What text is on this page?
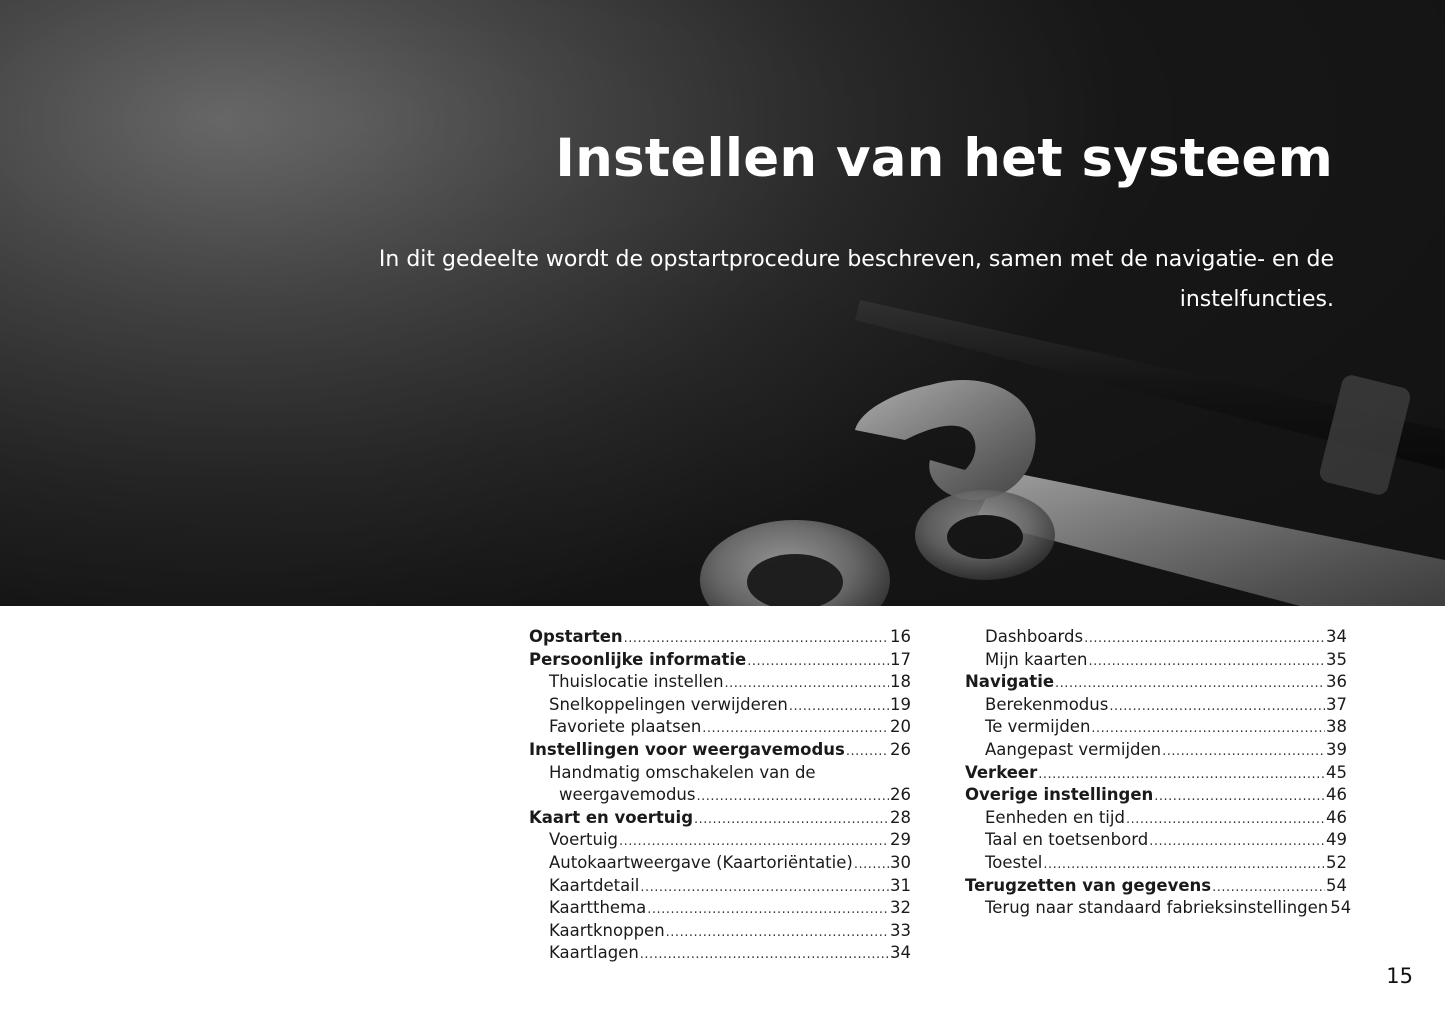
Instellen van het systeem

In dit gedeelte wordt de opstartprocedure beschreven, samen met de navigatie- en de instelfuncties.

Opstarten .....	16
Persoonlijke informatie .....	17
Thuislocatie instellen .....	18
Snelkoppelingen verwijderen .....	19
Favoriete plaatsen .....	20
Instellingen voor weergavemodus .....	26
Handmatig omschakelen van de
weergavemodus .....	26
Kaart en voertuig .....	28
Voertuig .....	29
Autokaartweergave (Kaartoriëntatie) ..... 30
Kaartdetail .....	31
Kaartthema .....	32
Kaartknoppen .....	33
Kaartlagen .....	34
Dashboards .....	34
Mijn kaarten .....	35
Navigatie .....	36
Berekenmodus .....	37
Te vermijden .....	38
Aangepast vermijden .....	39
Verkeer .....	45
Overige instellingen .....	46
Eenheden en tijd .....	46
Taal en toetsenbord .....	49
Toestel .....	52
Terugzetten van gegevens .....	54
Terug naar standaard fabrieksinstellingen 54
15
